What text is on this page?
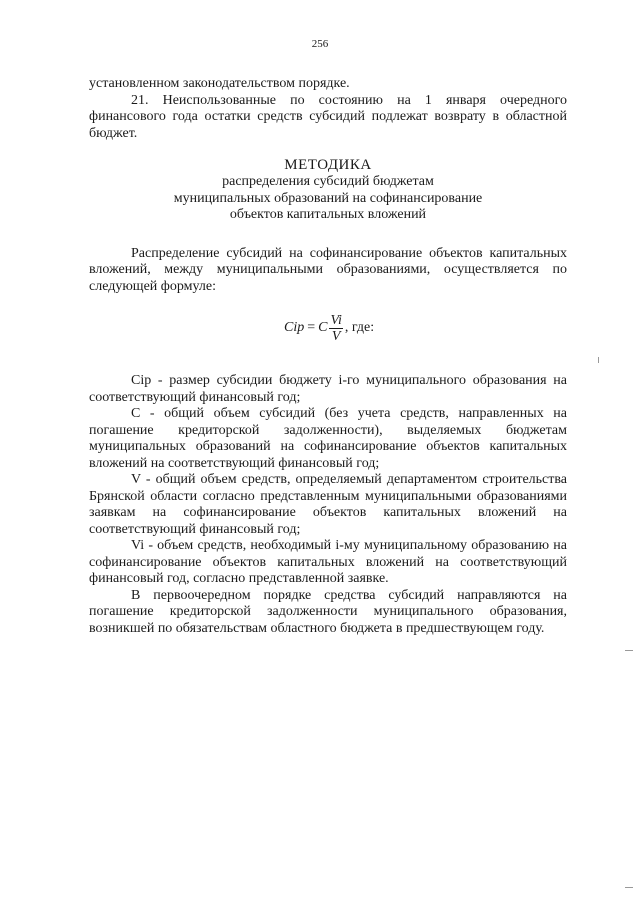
256

установленном законодательством порядке.

21. Неиспользованные по состоянию на 1 января очередного финансового года остатки средств субсидий подлежат возврату в областной бюджет.

МЕТОДИКА
распределения субсидий бюджетам
муниципальных образований на софинансирование
объектов капитальных вложений

Распределение субсидий на софинансирование объектов капитальных вложений, между муниципальными образованиями, осуществляется по следующей формуле:

Cip = C $\frac{Vi}{V}$ , где:

Cip - размер субсидии бюджету i-го муниципального образования на соответствующий финансовый год;

C - общий объем субсидий (без учета средств, направленных на погашение кредиторской задолженности), выделяемых бюджетам муниципальных образований на софинансирование объектов капитальных вложений на соответствующий финансовый год;

V - общий объем средств, определяемый департаментом строительства Брянской области согласно представленным муниципальными образованиями заявкам на софинансирование объектов капитальных вложений на соответствующий финансовый год;

Vi - объем средств, необходимый i-му муниципальному образованию на софинансирование объектов капитальных вложений на соответствующий финансовый год, согласно представленной заявке.

В первоочередном порядке средства субсидий направляются на погашение кредиторской задолженности муниципального образования, возникшей по обязательствам областного бюджета в предшествующем году.
